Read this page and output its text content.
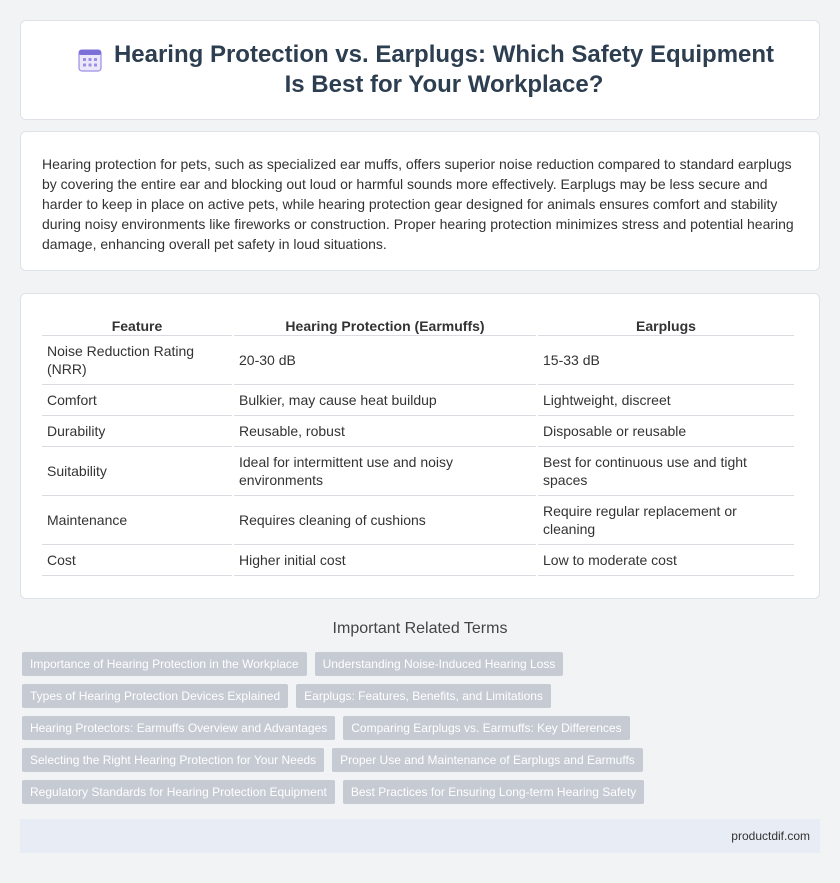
Hearing Protection vs. Earplugs: Which Safety Equipment Is Best for Your Workplace?

Hearing protection for pets, such as specialized ear muffs, offers superior noise reduction compared to standard earplugs by covering the entire ear and blocking out loud or harmful sounds more effectively. Earplugs may be less secure and harder to keep in place on active pets, while hearing protection gear designed for animals ensures comfort and stability during noisy environments like fireworks or construction. Proper hearing protection minimizes stress and potential hearing damage, enhancing overall pet safety in loud situations.

Feature	Hearing Protection (Earmuffs)	Earplugs
Noise Reduction Rating (NRR)	20-30 dB	15-33 dB
Comfort	Bulkier, may cause heat buildup	Lightweight, discreet
Durability	Reusable, robust	Disposable or reusable
Suitability	Ideal for intermittent use and noisy environments	Best for continuous use and tight spaces
Maintenance	Requires cleaning of cushions	Require regular replacement or cleaning
Cost	Higher initial cost	Low to moderate cost
Important Related Terms
Importance of Hearing Protection in the Workplace	Understanding Noise-Induced Hearing Loss
Types of Hearing Protection Devices Explained	Earplugs: Features, Benefits, and Limitations
Hearing Protectors: Earmuffs Overview and Advantages	Comparing Earplugs vs. Earmuffs: Key Differences
Selecting the Right Hearing Protection for Your Needs	Proper Use and Maintenance of Earplugs and Earmuffs
Regulatory Standards for Hearing Protection Equipment	Best Practices for Ensuring Long-term Hearing Safety
productdif.com
